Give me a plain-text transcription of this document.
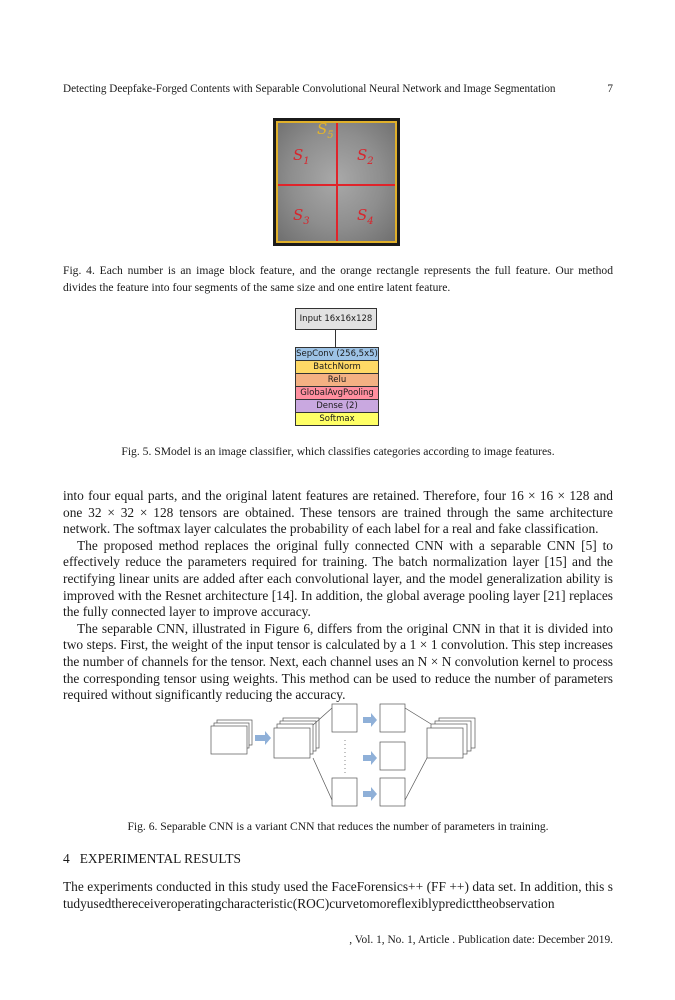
Detecting Deepfake-Forged Contents with Separable Convolutional Neural Network and Image Segmentation	7
$S_1$	$S_2$
$S_3$	$S_4$
$S_5$
Fig. 4. Each number is an image block feature, and the orange rectangle represents the full feature. Our method divides the feature into four segments of the same size and one entire latent feature.
Input 16x16x128
SepConv (256,5x5)
BatchNorm
Relu
GlobalAvgPooling
Dense (2)
Softmax
Fig. 5. SModel is an image classifier, which classifies categories according to image features.

into four equal parts, and the original latent features are retained. Therefore, four 16 × 16 × 128 and one 32 × 32 × 128 tensors are obtained. These tensors are trained through the same architecture network. The softmax layer calculates the probability of each label for a real and fake classification.

The proposed method replaces the original fully connected CNN with a separable CNN [5] to effectively reduce the parameters required for training. The batch normalization layer [15] and the rectifying linear units are added after each convolutional layer, and the model generalization ability is improved with the Resnet architecture [14]. In addition, the global average pooling layer [21] replaces the fully connected layer to improve accuracy.

The separable CNN, illustrated in Figure 6, differs from the original CNN in that it is divided into two steps. First, the weight of the input tensor is calculated by a 1 × 1 convolution. This step increases the number of channels for the tensor. Next, each channel uses an N × N convolution kernel to process the corresponding tensor using weights. This method can be used to reduce the number of parameters required without significantly reducing the accuracy.

Fig. 6. Separable CNN is a variant CNN that reduces the number of parameters in training.
4   EXPERIMENTAL RESULTS

The experiments conducted in this study used the FaceForensics++ (FF ++) data set. In addition, this studyusedthereceiveroperatingcharacteristic(ROC)curvetomoreflexiblypredicttheobservation

, Vol. 1, No. 1, Article . Publication date: December 2019.
